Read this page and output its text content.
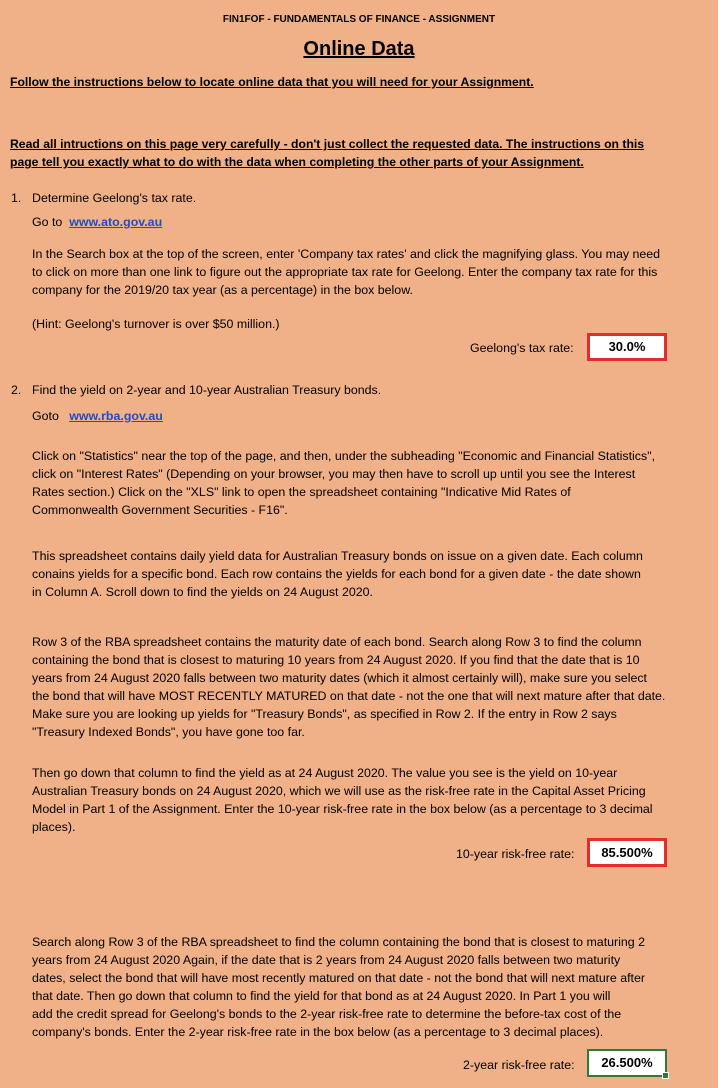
FIN1FOF - FUNDAMENTALS OF FINANCE - ASSIGNMENT
Online Data
Follow the instructions below to locate online data that you will need for your Assignment.
Read all intructions on this page very carefully - don't just collect the requested data. The instructions on this
page tell you exactly what to do with the data when completing the other parts of your Assignment.
1. Determine Geelong's tax rate.
Go to www.ato.gov.au
In the Search box at the top of the screen, enter 'Company tax rates' and click the magnifying glass. You may need
to click on more than one link to figure out the appropriate tax rate for Geelong. Enter the company tax rate for this
company for the 2019/20 tax year (as a percentage) in the box below.
(Hint: Geelong's turnover is over $50 million.)
Geelong's tax rate:	30.0%
2. Find the yield on 2-year and 10-year Australian Treasury bonds.
Goto www.rba.gov.au
Click on "Statistics" near the top of the page, and then, under the subheading "Economic and Financial Statistics",
click on "Interest Rates" (Depending on your browser, you may then have to scroll up until you see the Interest
Rates section.) Click on the "XLS" link to open the spreadsheet containing "Indicative Mid Rates of
Commonwealth Government Securities - F16".
This spreadsheet contains daily yield data for Australian Treasury bonds on issue on a given date. Each column
conains yields for a specific bond. Each row contains the yields for each bond for a given date - the date shown
in Column A. Scroll down to find the yields on 24 August 2020.
Row 3 of the RBA spreadsheet contains the maturity date of each bond. Search along Row 3 to find the column
containing the bond that is closest to maturing 10 years from 24 August 2020. If you find that the date that is 10
years from 24 August 2020 falls between two maturity dates (which it almost certainly will), make sure you select
the bond that will have MOST RECENTLY MATURED on that date - not the one that will next mature after that date.
Make sure you are looking up yields for "Treasury Bonds", as specified in Row 2. If the entry in Row 2 says
"Treasury Indexed Bonds", you have gone too far.
Then go down that column to find the yield as at 24 August 2020. The value you see is the yield on 10-year
Australian Treasury bonds on 24 August 2020, which we will use as the risk-free rate in the Capital Asset Pricing
Model in Part 1 of the Assignment. Enter the 10-year risk-free rate in the box below (as a percentage to 3 decimal
places).
10-year risk-free rate:	85.500%
Search along Row 3 of the RBA spreadsheet to find the column containing the bond that is closest to maturing 2
years from 24 August 2020 Again, if the date that is 2 years from 24 August 2020 falls between two maturity
dates, select the bond that will have most recently matured on that date - not the bond that will next mature after
that date. Then go down that column to find the yield for that bond as at 24 August 2020. In Part 1 you will
add the credit spread for Geelong's bonds to the 2-year risk-free rate to determine the before-tax cost of the
company's bonds. Enter the 2-year risk-free rate in the box below (as a percentage to 3 decimal places).
2-year risk-free rate:	26.500%
